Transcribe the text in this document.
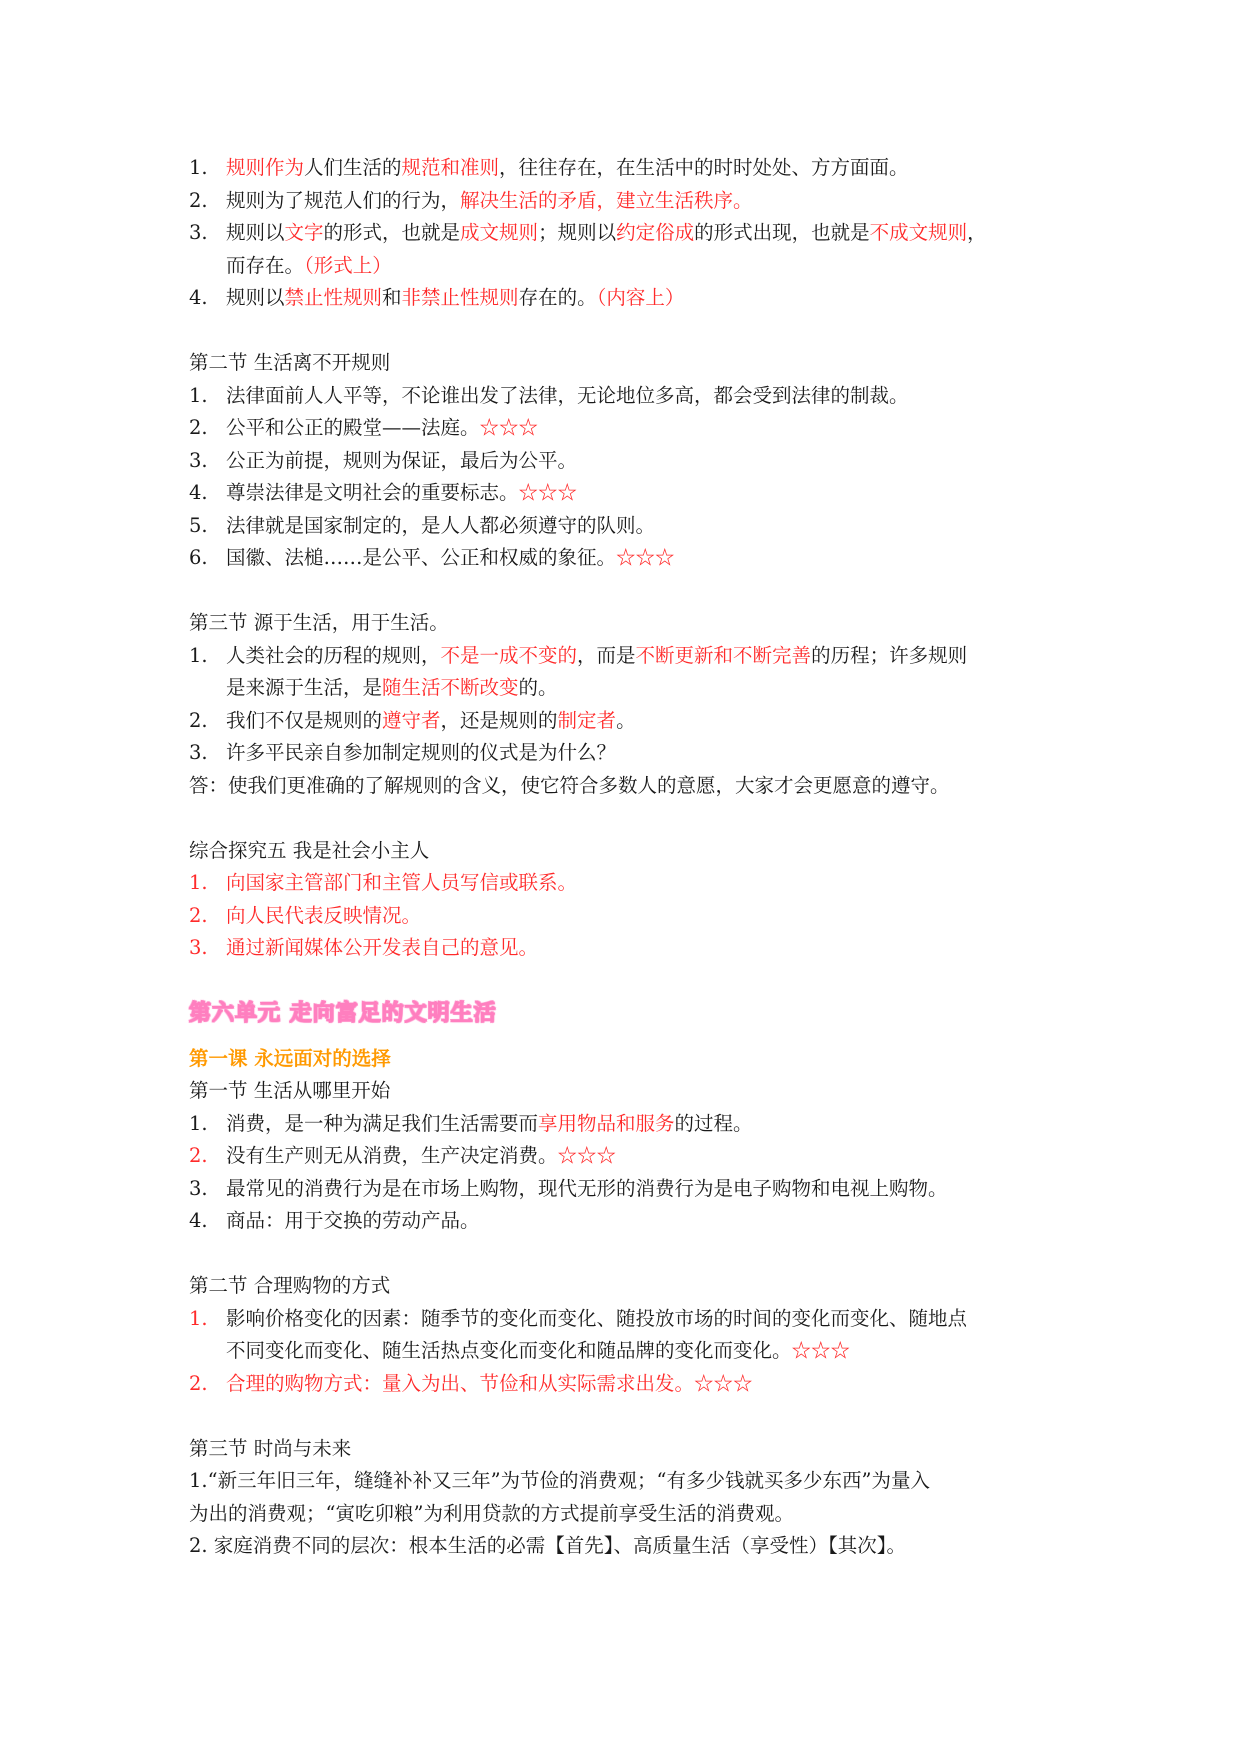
1. 规则作为人们生活的规范和准则，往往存在，在生活中的时时处处、方方面面。
2. 规则为了规范人们的行为，解决生活的矛盾，建立生活秩序。
3. 规则以文字的形式，也就是成文规则；规则以约定俗成的形式出现，也就是不成文规则，
而存在。（形式上）
4. 规则以禁止性规则和非禁止性规则存在的。（内容上）
第二节 生活离不开规则
1. 法律面前人人平等，不论谁出发了法律，无论地位多高，都会受到法律的制裁。
2. 公平和公正的殿堂——法庭。☆☆☆
3. 公正为前提，规则为保证，最后为公平。
4. 尊崇法律是文明社会的重要标志。☆☆☆
5. 法律就是国家制定的，是人人都必须遵守的队则。
6. 国徽、法槌……是公平、公正和权威的象征。☆☆☆
第三节 源于生活，用于生活。
1. 人类社会的历程的规则，不是一成不变的，而是不断更新和不断完善的历程；许多规则
是来源于生活，是随生活不断改变的。
2. 我们不仅是规则的遵守者，还是规则的制定者。
3. 许多平民亲自参加制定规则的仪式是为什么？
答：使我们更准确的了解规则的含义，使它符合多数人的意愿，大家才会更愿意的遵守。
综合探究五 我是社会小主人
1. 向国家主管部门和主管人员写信或联系。
2. 向人民代表反映情况。
3. 通过新闻媒体公开发表自己的意见。
第六单元 走向富足的文明生活
第一课 永远面对的选择
第一节 生活从哪里开始
1. 消费，是一种为满足我们生活需要而享用物品和服务的过程。
2. 没有生产则无从消费，生产决定消费。☆☆☆
3. 最常见的消费行为是在市场上购物，现代无形的消费行为是电子购物和电视上购物。
4. 商品：用于交换的劳动产品。
第二节 合理购物的方式
1. 影响价格变化的因素：随季节的变化而变化、随投放市场的时间的变化而变化、随地点
不同变化而变化、随生活热点变化而变化和随品牌的变化而变化。☆☆☆
2. 合理的购物方式：量入为出、节俭和从实际需求出发。☆☆☆
第三节 时尚与未来
1.“新三年旧三年，缝缝补补又三年”为节俭的消费观；“有多少钱就买多少东西”为量入
为出的消费观；“寅吃卯粮”为利用贷款的方式提前享受生活的消费观。
2. 家庭消费不同的层次：根本生活的必需【首先】、高质量生活（享受性）【其次】。
